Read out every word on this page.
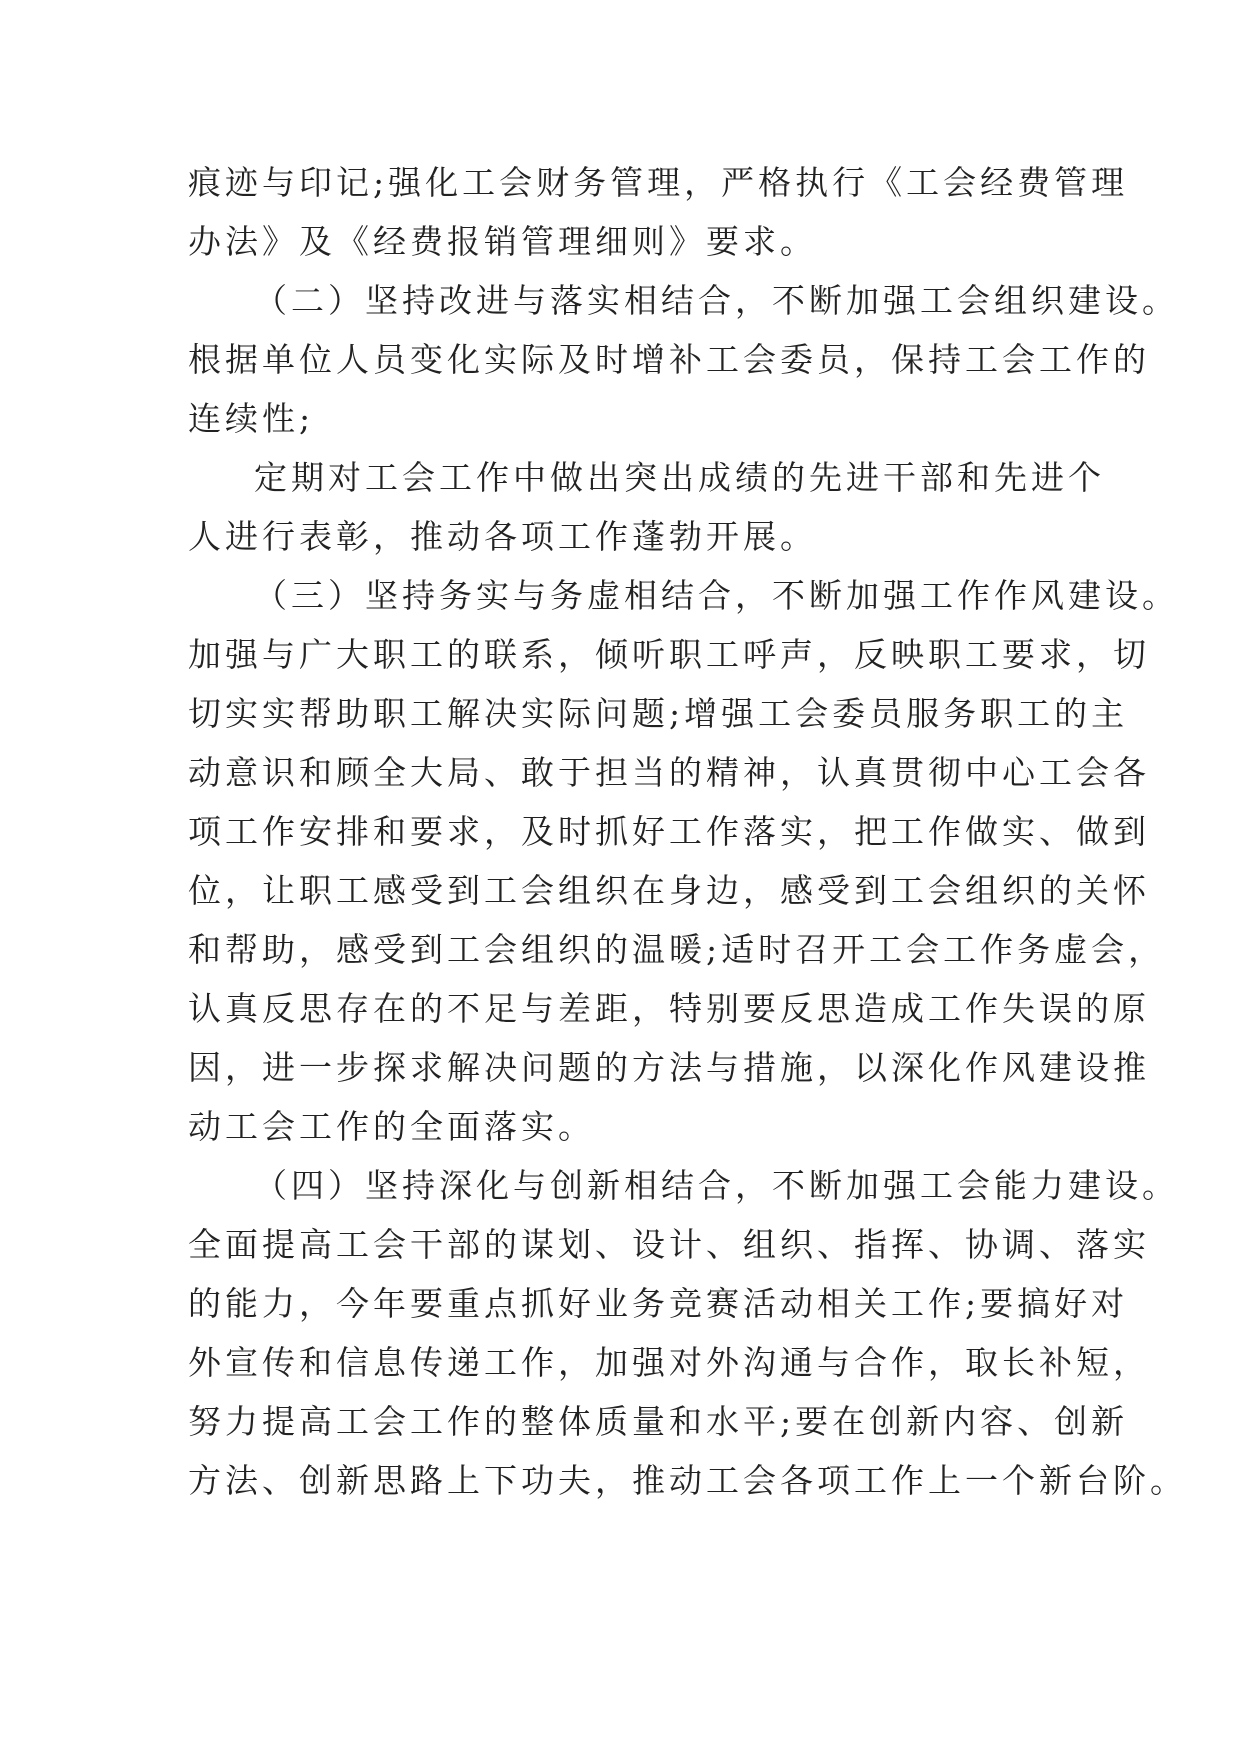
痕迹与印记;强化工会财务管理，严格执行《工会经费管理
办法》及《经费报销管理细则》要求。
（二）坚持改进与落实相结合，不断加强工会组织建设。
根据单位人员变化实际及时增补工会委员，保持工会工作的
连续性;
定期对工会工作中做出突出成绩的先进干部和先进个
人进行表彰，推动各项工作蓬勃开展。
（三）坚持务实与务虚相结合，不断加强工作作风建设。
加强与广大职工的联系，倾听职工呼声，反映职工要求，切
切实实帮助职工解决实际问题;增强工会委员服务职工的主
动意识和顾全大局、敢于担当的精神，认真贯彻中心工会各
项工作安排和要求，及时抓好工作落实，把工作做实、做到
位，让职工感受到工会组织在身边，感受到工会组织的关怀
和帮助，感受到工会组织的温暖;适时召开工会工作务虚会，
认真反思存在的不足与差距，特别要反思造成工作失误的原
因，进一步探求解决问题的方法与措施，以深化作风建设推
动工会工作的全面落实。
（四）坚持深化与创新相结合，不断加强工会能力建设。
全面提高工会干部的谋划、设计、组织、指挥、协调、落实
的能力，今年要重点抓好业务竞赛活动相关工作;要搞好对
外宣传和信息传递工作，加强对外沟通与合作，取长补短，
努力提高工会工作的整体质量和水平;要在创新内容、创新
方法、创新思路上下功夫，推动工会各项工作上一个新台阶。
